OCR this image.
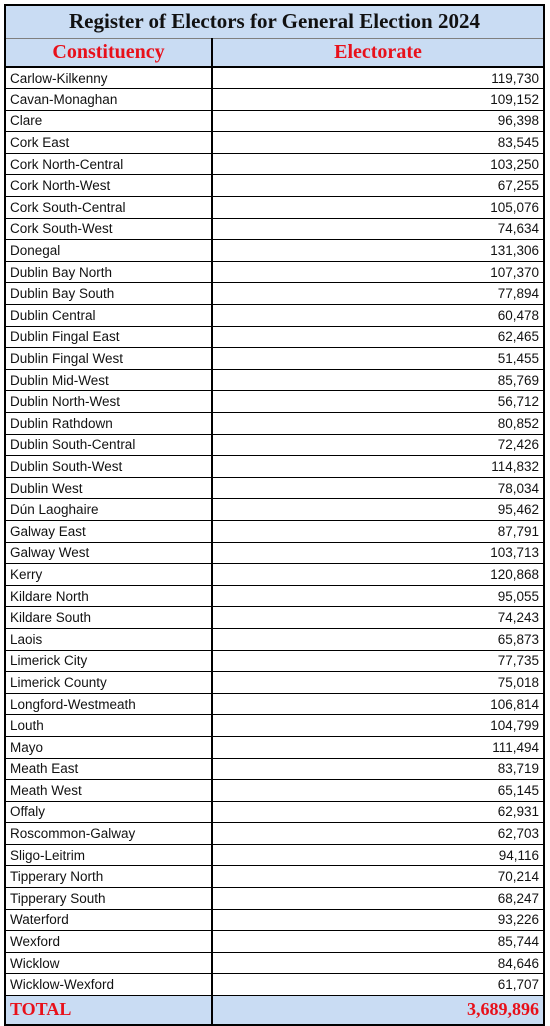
Register of Electors for General Election 2024	
Constituency	Electorate
Carlow-Kilkenny	119,730
Cavan-Monaghan	109,152
Clare	96,398
Cork East	83,545
Cork North-Central	103,250
Cork North-West	67,255
Cork South-Central	105,076
Cork South-West	74,634
Donegal	131,306
Dublin Bay North	107,370
Dublin Bay South	77,894
Dublin Central	60,478
Dublin Fingal East	62,465
Dublin Fingal West	51,455
Dublin Mid-West	85,769
Dublin North-West	56,712
Dublin Rathdown	80,852
Dublin South-Central	72,426
Dublin South-West	114,832
Dublin West	78,034
Dún Laoghaire	95,462
Galway East	87,791
Galway West	103,713
Kerry	120,868
Kildare North	95,055
Kildare South	74,243
Laois	65,873
Limerick City	77,735
Limerick County	75,018
Longford-Westmeath	106,814
Louth	104,799
Mayo	111,494
Meath East	83,719
Meath West	65,145
Offaly	62,931
Roscommon-Galway	62,703
Sligo-Leitrim	94,116
Tipperary North	70,214
Tipperary South	68,247
Waterford	93,226
Wexford	85,744
Wicklow	84,646
Wicklow-Wexford	61,707
TOTAL	3,689,896
